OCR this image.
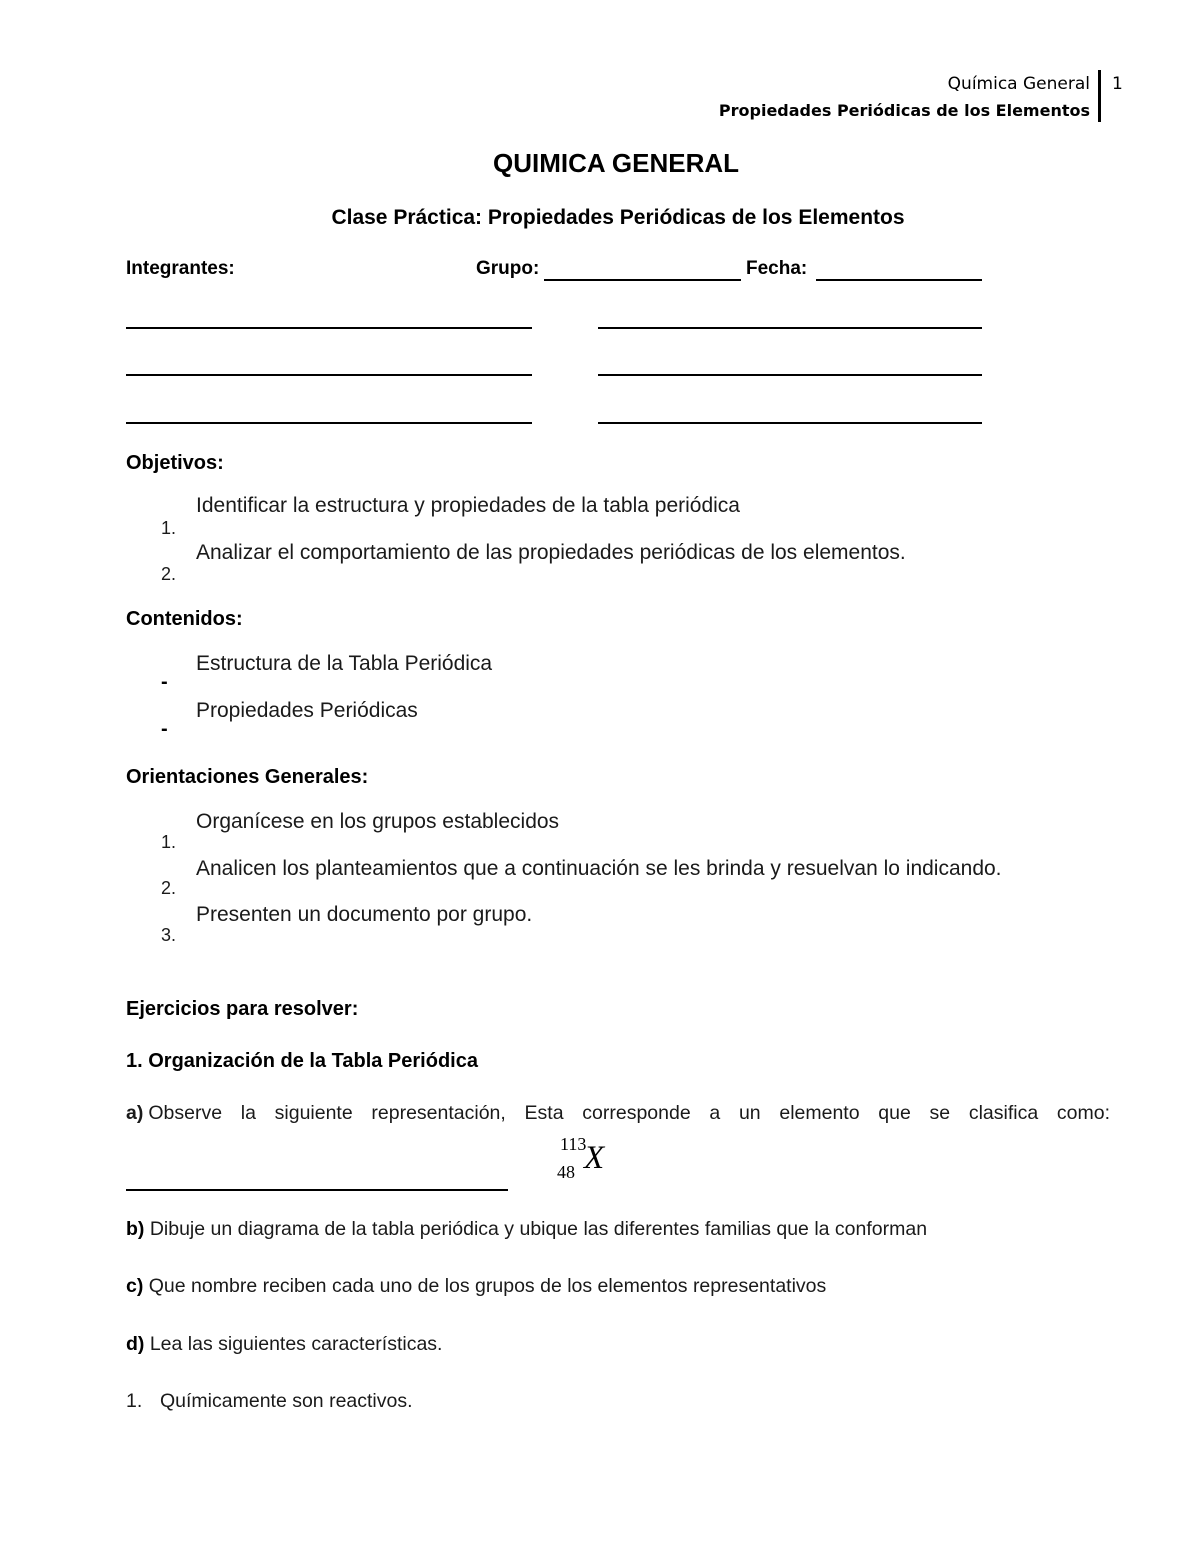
Química General
Propiedades Periódicas de los Elementos
1
QUIMICA GENERAL
Clase Práctica: Propiedades Periódicas de los Elementos
Integrantes:	Grupo:	Fecha:
Objetivos:
Identificar la estructura y propiedades de la tabla periódica
1.
Analizar el comportamiento de las propiedades periódicas de los elementos.
2.
Contenidos:
Estructura de la Tabla Periódica
-
Propiedades Periódicas
-
Orientaciones Generales:
Organícese en los grupos establecidos
1.
Analicen los planteamientos que a continuación se les brinda y resuelvan lo indicando.
2.
Presenten un documento por grupo.
3.
Ejercicios para resolver:
1. Organización de la Tabla Periódica
a) Observe la siguiente representación, Esta corresponde a un elemento que se clasifica como:
113
48 X
b) Dibuje un diagrama de la tabla periódica y ubique las diferentes familias que la conforman
c) Que nombre reciben cada uno de los grupos de los elementos representativos
d) Lea las siguientes características.
1. Químicamente son reactivos.
